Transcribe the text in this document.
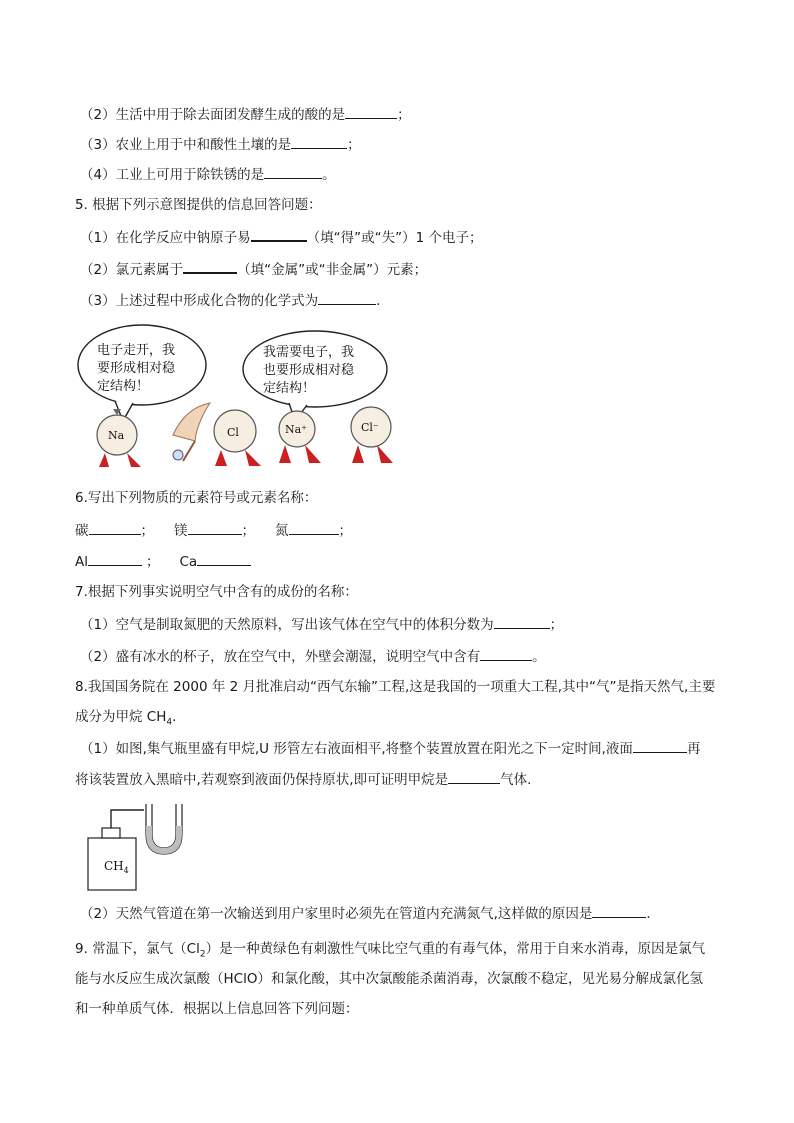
（2）生活中用于除去面团发酵生成的酸的是	；
（3）农业上用于中和酸性土壤的是	；
（4）工业上可用于除铁锈的是	。
5. 根据下列示意图提供的信息回答问题：
（1）在化学反应中钠原子易	（填“得”或“失”）1 个电子；
（2）氯元素属于	（填“金属”或“非金属”）元素；
（3）上述过程中形成化合物的化学式为	．
电子走开，我
要形成相对稳
定结构！
我需要电子，我
也要形成相对稳
定结构！
Na	Cl	Na⁺	Cl⁻
6.写出下列物质的元素符号或元素名称：
碳	； 镁	； 氮	；
Al	； Ca
7.根据下列事实说明空气中含有的成份的名称：
（1）空气是制取氮肥的天然原料，写出该气体在空气中的体积分数为	；
（2）盛有冰水的杯子，放在空气中，外壁会潮湿，说明空气中含有	。
8.我国国务院在 2000 年 2 月批准启动“西气东输”工程,这是我国的一项重大工程,其中“气”是指天然气,主要
成分为甲烷 $CH_4$.
（1）如图,集气瓶里盛有甲烷,U 形管左右液面相平,将整个装置放置在阳光之下一定时间,液面	再
将该装置放入黑暗中,若观察到液面仍保持原状,即可证明甲烷是	气体.
$CH_4$
（2）天然气管道在第一次输送到用户家里时必须先在管道内充满氮气,这样做的原因是	．
9. 常温下，氯气$(Cl_2)$是一种黄绿色有刺激性气味比空气重的有毒气体，常用于自来水消毒，原因是氯气
能与水反应生成次氯酸（HClO）和氯化酸，其中次氯酸能杀菌消毒，次氯酸不稳定，见光易分解成氯化氢
和一种单质气体．根据以上信息回答下列问题：
